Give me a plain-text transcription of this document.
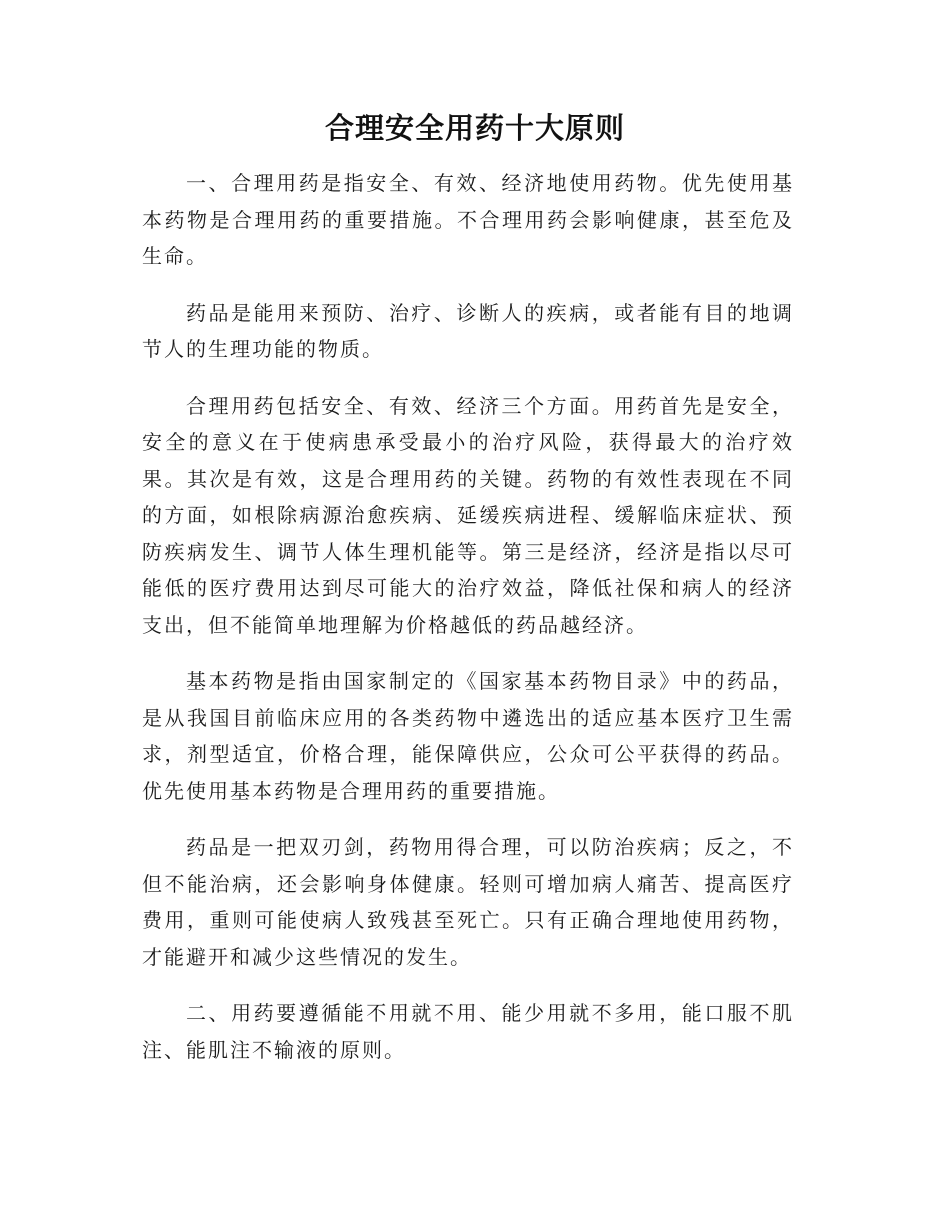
合理安全用药十大原则

一、合理用药是指安全、有效、经济地使用药物。优先使用基本药物是合理用药的重要措施。不合理用药会影响健康，甚至危及生命。

药品是能用来预防、治疗、诊断人的疾病，或者能有目的地调节人的生理功能的物质。

合理用药包括安全、有效、经济三个方面。用药首先是安全，安全的意义在于使病患承受最小的治疗风险，获得最大的治疗效果。其次是有效，这是合理用药的关键。药物的有效性表现在不同的方面，如根除病源治愈疾病、延缓疾病进程、缓解临床症状、预防疾病发生、调节人体生理机能等。第三是经济，经济是指以尽可能低的医疗费用达到尽可能大的治疗效益，降低社保和病人的经济支出，但不能简单地理解为价格越低的药品越经济。

基本药物是指由国家制定的《国家基本药物目录》中的药品，是从我国目前临床应用的各类药物中遴选出的适应基本医疗卫生需求，剂型适宜，价格合理，能保障供应，公众可公平获得的药品。优先使用基本药物是合理用药的重要措施。

药品是一把双刃剑，药物用得合理，可以防治疾病；反之，不但不能治病，还会影响身体健康。轻则可增加病人痛苦、提高医疗费用，重则可能使病人致残甚至死亡。只有正确合理地使用药物，才能避开和减少这些情况的发生。

二、用药要遵循能不用就不用、能少用就不多用，能口服不肌注、能肌注不输液的原则。
